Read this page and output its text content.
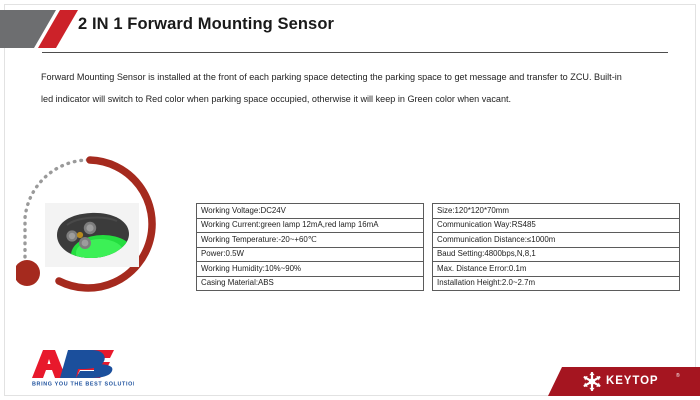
2 IN 1 Forward Mounting Sensor

Forward Mounting Sensor is installed at the front of each parking space detecting the parking space to get message and transfer to ZCU. Built-in

led indicator will switch to Red color when parking space occupied, otherwise it will keep in Green color when vacant.

Working Voltage:DC24V
Working Current:green lamp 12mA,red lamp 16mA
Working Temperature:-20~+60℃
Power:0.5W
Working Humidity:10%~90%
Casing Material:ABS
Size:120*120*70mm
Communication Way:RS485
Communication Distance:≤1000m
Baud Setting:4800bps,N,8,1
Max. Distance Error:0.1m
Installation Height:2.0~2.7m
BRING YOU THE BEST SOLUTIONS	KEYTOP	®
